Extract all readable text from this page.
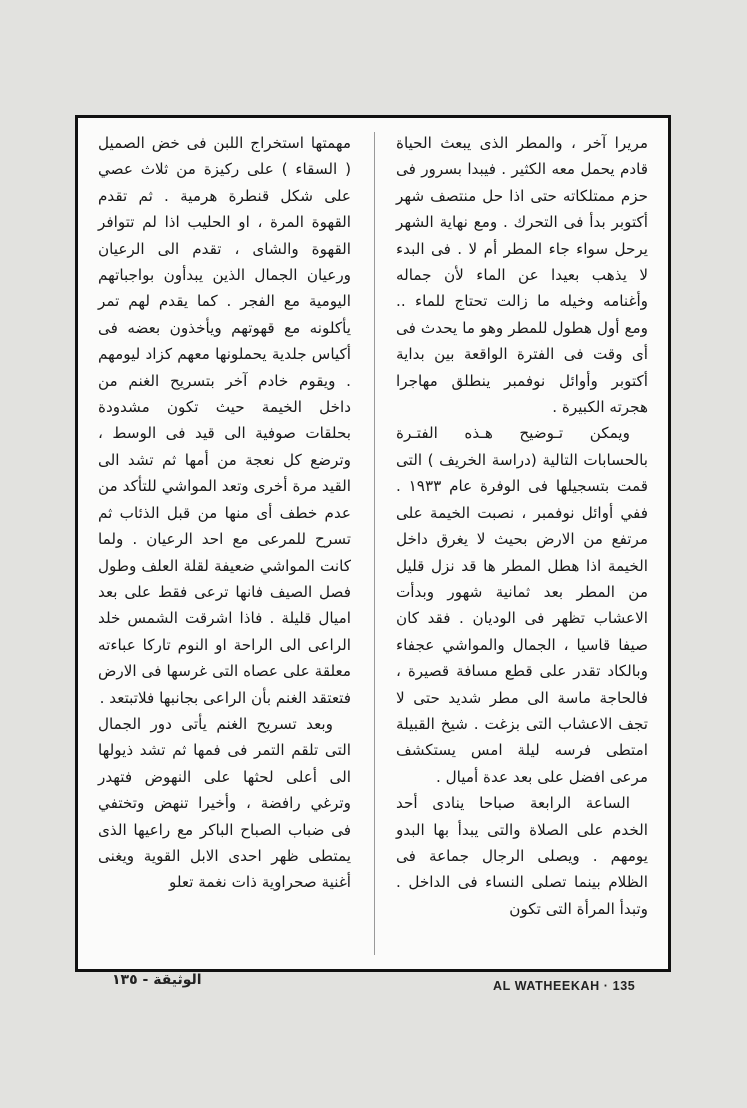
مريرا آخر ، والمطر الذى يبعث الحياة قادم يحمل معه الكثير . فيبدا بسرور فى حزم ممتلكاته حتى اذا حل منتصف شهر أكتوبر بدأ فى التحرك . ومع نهاية الشهر يرحل سواء جاء المطر أم لا . فى البدء لا يذهب بعيدا عن الماء لأن جماله وأغنامه وخيله ما زالت تحتاج للماء .. ومع أول هطول للمطر وهو ما يحدث فى أى وقت فى الفترة الواقعة بين بداية أكتوبر وأوائل نوفمبر ينطلق مهاجرا هجرته الكبيرة .

ويمكن تـوضيح هـذه الفتـرة بالحسابات التالية (دراسة الخريف ) التى قمت بتسجيلها فى الوفرة عام ١٩٣٣ . ففي أوائل نوفمبر ، نصبت الخيمة على مرتفع من الارض بحيث لا يغرق داخل الخيمة اذا هطل المطر ها قد نزل قليل من المطر بعد ثمانية شهور وبدأت الاعشاب تظهر فى الوديان . فقد كان صيفا قاسيا ، الجمال والمواشي عجفاء وبالكاد تقدر على قطع مسافة قصيرة ، فالحاجة ماسة الى مطر شديد حتى لا تجف الاعشاب التى بزغت . شيخ القبيلة امتطى فرسه ليلة امس يستكشف مرعى افضل على بعد عدة أميال .

الساعة الرابعة صباحا ينادى أحد الخدم على الصلاة والتى يبدأ بها البدو يومهم . ويصلى الرجال جماعة فى الظلام بينما تصلى النساء فى الداخل . وتبدأ المرأة التى تكون

مهمتها استخراج اللبن فى خض الصميل ( السقاء ) على ركيزة من ثلاث عصي على شكل قنطرة هرمية . ثم تقدم القهوة المرة ، او الحليب اذا لم تتوافر القهوة والشاى ، تقدم الى الرعيان ورعيان الجمال الذين يبدأون بواجباتهم اليومية مع الفجر . كما يقدم لهم تمر يأكلونه مع قهوتهم ويأخذون بعضه فى أكياس جلدية يحملونها معهم كزاد ليومهم . ويقوم خادم آخر بتسريح الغنم من داخل الخيمة حيث تكون مشدودة بحلقات صوفية الى قيد فى الوسط ، وترضع كل نعجة من أمها ثم تشد الى القيد مرة أخرى وتعد المواشي للتأكد من عدم خطف أى منها من قبل الذئاب ثم تسرح للمرعى مع احد الرعيان . ولما كانت المواشي ضعيفة لقلة العلف وطول فصل الصيف فانها ترعى فقط على بعد اميال قليلة . فاذا اشرقت الشمس خلد الراعى الى الراحة او النوم تاركا عباءته معلقة على عصاه التى غرسها فى الارض فتعتقد الغنم بأن الراعى بجانبها فلاتبتعد .

وبعد تسريح الغنم يأتى دور الجمال التى تلقم التمر فى فمها ثم تشد ذيولها الى أعلى لحثها على النهوض فتهدر وترغي رافضة ، وأخيرا تنهض وتختفي فى ضباب الصباح الباكر مع راعيها الذى يمتطى ظهر احدى الابل القوية ويغنى أغنية صحراوية ذات نغمة تعلو

الوثيقة - ١٣٥	AL WATHEEKAH · 135
